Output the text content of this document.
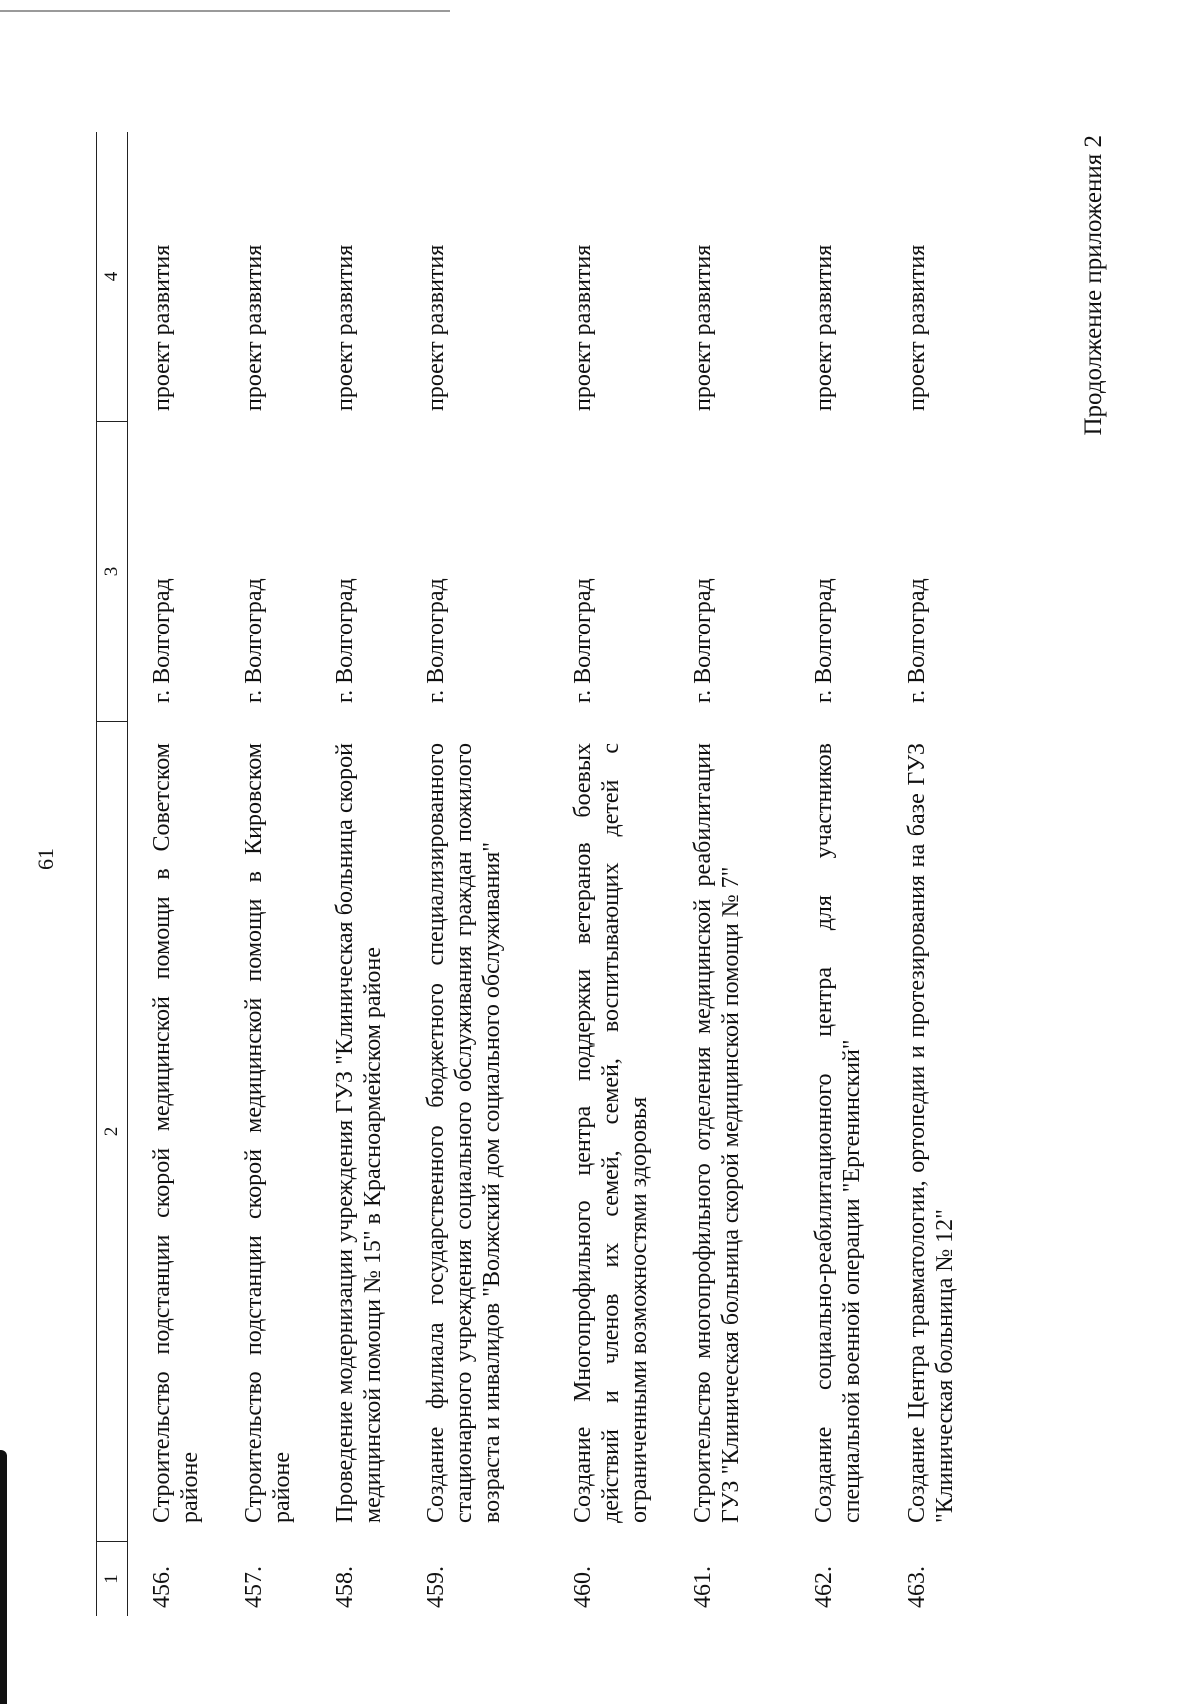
61
Продолжение приложения 2
1
2
3
4
456.
Строительство подстанции скорой медицинской помощи в Советском районе
г. Волгоград
проект развития
457.
Строительство подстанции скорой медицинской помощи в Кировском районе
г. Волгоград
проект развития
458.
Проведение модернизации учреждения ГУЗ "Клиническая больница скорой медицинской помощи № 15" в Красноармейском районе
г. Волгоград
проект развития
459.
Создание филиала государственного бюджетного специализированного стационарного учреждения социального обслуживания граждан пожилого возраста и инвалидов "Волжский дом социального обслуживания"
г. Волгоград
проект развития
460.
Создание Многопрофильного центра поддержки ветеранов боевых действий и членов их семей, семей, воспитывающих детей с ограниченными возможностями здоровья
г. Волгоград
проект развития
461.
Строительство многопрофильного отделения медицинской реабилитации ГУЗ "Клиническая больница скорой медицинской помощи № 7"
г. Волгоград
проект развития
462.
Создание социально-реабилитационного центра для участников специальной военной операции "Ергенинский"
г. Волгоград
проект развития
463.
Создание Центра травматологии, ортопедии и протезирования на базе ГУЗ "Клиническая больница № 12"
г. Волгоград
проект развития
